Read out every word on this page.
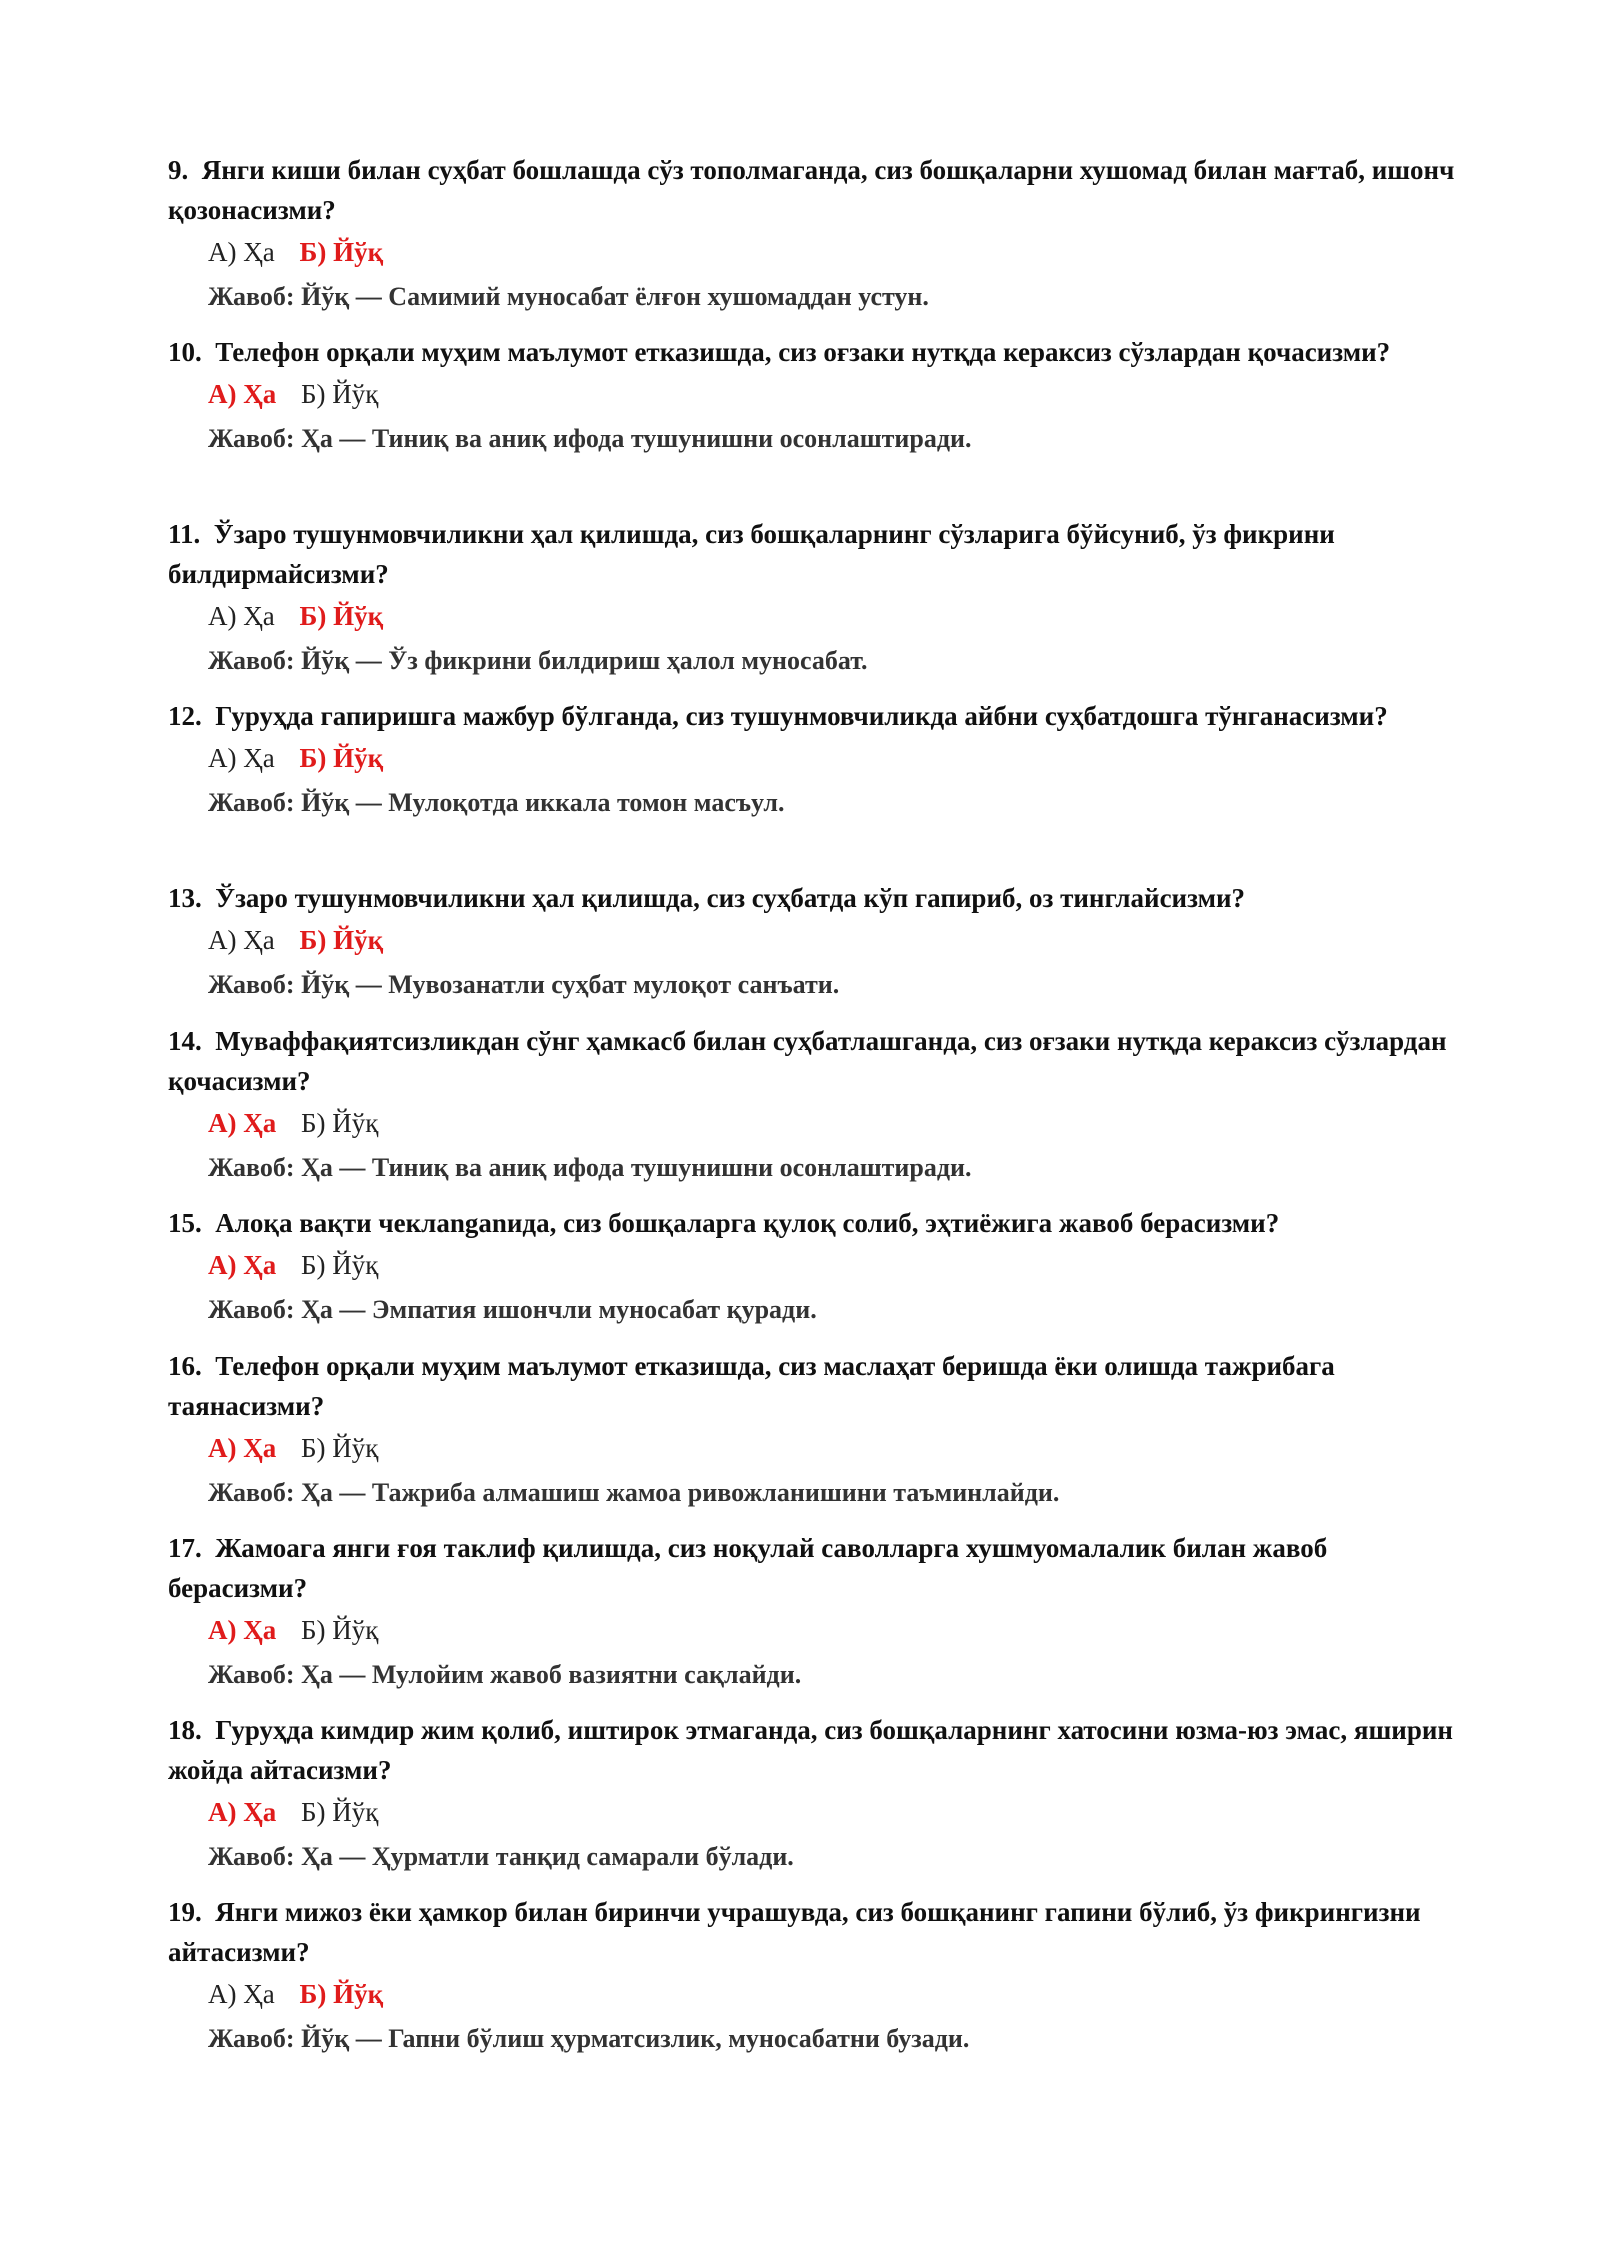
9. Янги киши билан суҳбат бошлашда сўз тополмаганда, сиз бошқаларни хушомад билан мағтаб, ишонч қозонасизми?

А) Ҳа Б) Йўқ
Жавоб: Йўқ — Самимий муносабат ёлғон хушомаддан устун.

10. Телефон орқали муҳим маълумот етказишда, сиз оғзаки нутқда кераксиз сўзлардан қочасизми?

А) Ҳа Б) Йўқ
Жавоб: Ҳа — Тиниқ ва аниқ ифода тушунишни осонлаштиради.

11. Ўзаро тушунмовчиликни ҳал қилишда, сиз бошқаларнинг сўзларига бўйсуниб, ўз фикрини билдирмайсизми?

А) Ҳа Б) Йўқ
Жавоб: Йўқ — Ўз фикрини билдириш ҳалол муносабат.

12. Гуруҳда гапиришга мажбур бўлганда, сиз тушунмовчиликда айбни суҳбатдошга тўнганасизми?

А) Ҳа Б) Йўқ
Жавоб: Йўқ — Мулоқотда иккала томон масъул.

13. Ўзаро тушунмовчиликни ҳал қилишда, сиз суҳбатда кўп гапириб, оз тинглайсизми?

А) Ҳа Б) Йўқ
Жавоб: Йўқ — Мувозанатли суҳбат мулоқот санъати.

14. Муваффақиятсизликдан сўнг ҳамкасб билан суҳбатлашганда, сиз оғзаки нутқда кераксиз сўзлардан қочасизми?

А) Ҳа Б) Йўқ
Жавоб: Ҳа — Тиниқ ва аниқ ифода тушунишни осонлаштиради.

15. Алоқа вақти чеклanganида, сиз бошқаларга қулоқ солиб, эҳтиёжига жавоб берасизми?

А) Ҳа Б) Йўқ
Жавоб: Ҳа — Эмпатия ишончли муносабат қуради.

16. Телефон орқали муҳим маълумот етказишда, сиз маслаҳат беришда ёки олишда тажрибага таянасизми?

А) Ҳа Б) Йўқ
Жавоб: Ҳа — Тажриба алмашиш жамоа ривожланишини таъминлайди.

17. Жамоага янги ғоя таклиф қилишда, сиз ноқулай саволларга хушмуомалалик билан жавоб берасизми?

А) Ҳа Б) Йўқ
Жавоб: Ҳа — Мулойим жавоб вазиятни сақлайди.

18. Гуруҳда кимдир жим қолиб, иштирок этмаганда, сиз бошқаларнинг хатосини юзма-юз эмас, яширин жойда айтасизми?

А) Ҳа Б) Йўқ
Жавоб: Ҳа — Ҳурматли танқид самарали бўлади.

19. Янги мижоз ёки ҳамкор билан биринчи учрашувда, сиз бошқанинг гапини бўлиб, ўз фикрингизни айтасизми?

А) Ҳа Б) Йўқ
Жавоб: Йўқ — Гапни бўлиш ҳурматсизлик, муносабатни бузади.
